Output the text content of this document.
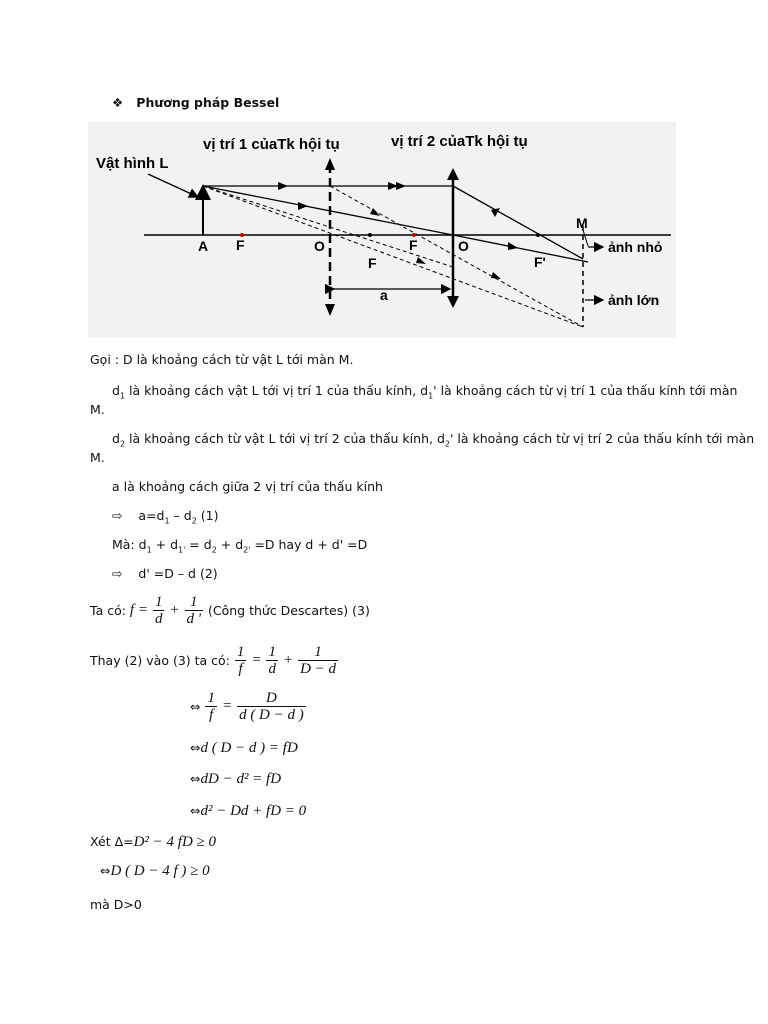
❖ Phương pháp Bessel
Vật hình L
vị trí 1 củaTk hội tụ	vị trí 2 củaTk hội tụ
A F	O	F	O
F	F'
M
a
ảnh nhỏ
ảnh lớn
Gọi : D là khoảng cách từ vật L tới màn M.
$d_1$ là khoảng cách vật L tới vị trí 1 của thấu kính, $d_1'$ là khoảng cách từ vị trí 1 của thấu kính tới màn
M.
$d_2$ là khoảng cách từ vật L tới vị trí 2 của thấu kính, $d_2'$ là khoảng cách từ vị trí 2 của thấu kính tới màn
M.
a là khoảng cách giữa 2 vị trí của thấu kính
⇨ $a=d_1 - d_2$ (1)
Mà: $d_1 + d_{1'} = d_2 + d_{2'} =D$ hay d + d' =D
⇨ d' =D – d (2)
Ta có: $f = \frac{1}{d} + \frac{1}{d '}$ (Công thức Descartes) (3)
Thay (2) vào (3) ta có: $\frac{1}{f} = \frac{1}{d} + \frac{1}{D - d}$
⇔ $\frac{1}{f} = \frac{D}{d ( D - d )}$
⇔d ( D − d ) = fD
⇔dD − d² = fD
⇔d² − Dd + fD = 0
Xét Δ=D² − 4 fD ≥ 0
⇔D ( D − 4 f ) ≥ 0
mà D>0
